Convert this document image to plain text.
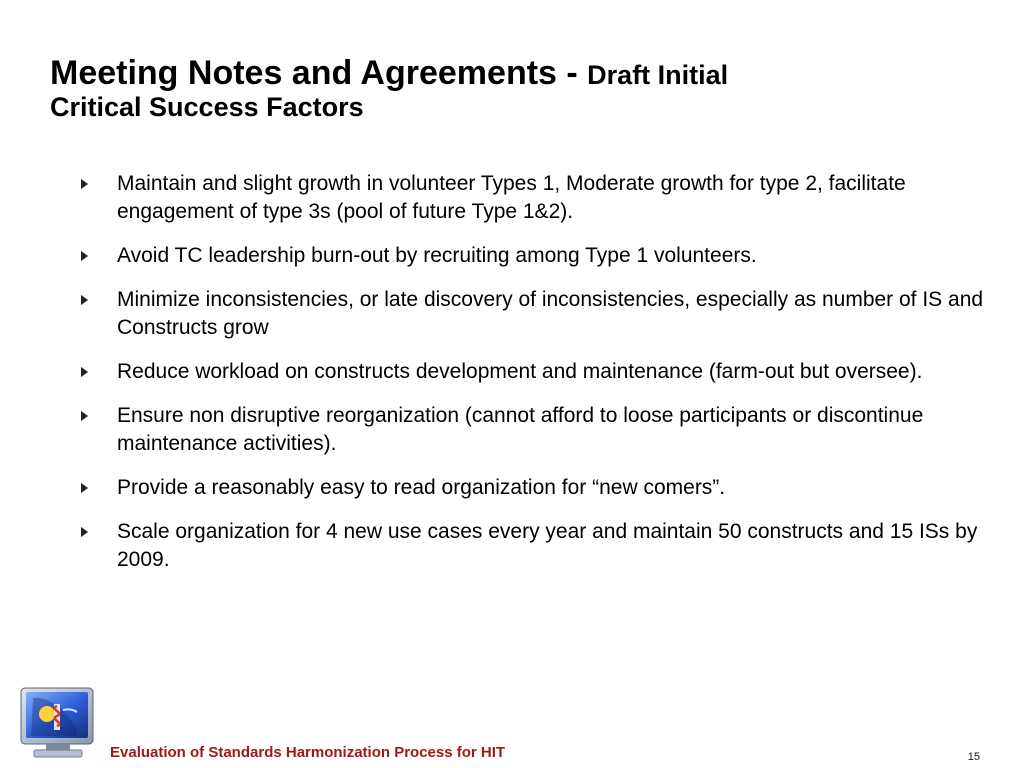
Meeting Notes and Agreements - Draft Initial
Critical Success Factors
Maintain and slight growth in volunteer Types 1, Moderate growth for type 2, facilitate engagement of type 3s (pool of future Type 1&2).
Avoid TC leadership burn-out by recruiting among Type 1 volunteers.
Minimize inconsistencies, or late discovery of inconsistencies, especially as number of IS and Constructs grow
Reduce workload on constructs development and maintenance (farm-out but oversee).
Ensure non disruptive reorganization (cannot afford to loose participants or discontinue maintenance activities).
Provide a reasonably easy to read organization for “new comers”.
Scale organization for 4 new use cases every year and maintain 50 constructs and 15 ISs by 2009.
Evaluation of Standards Harmonization Process for HIT	15
